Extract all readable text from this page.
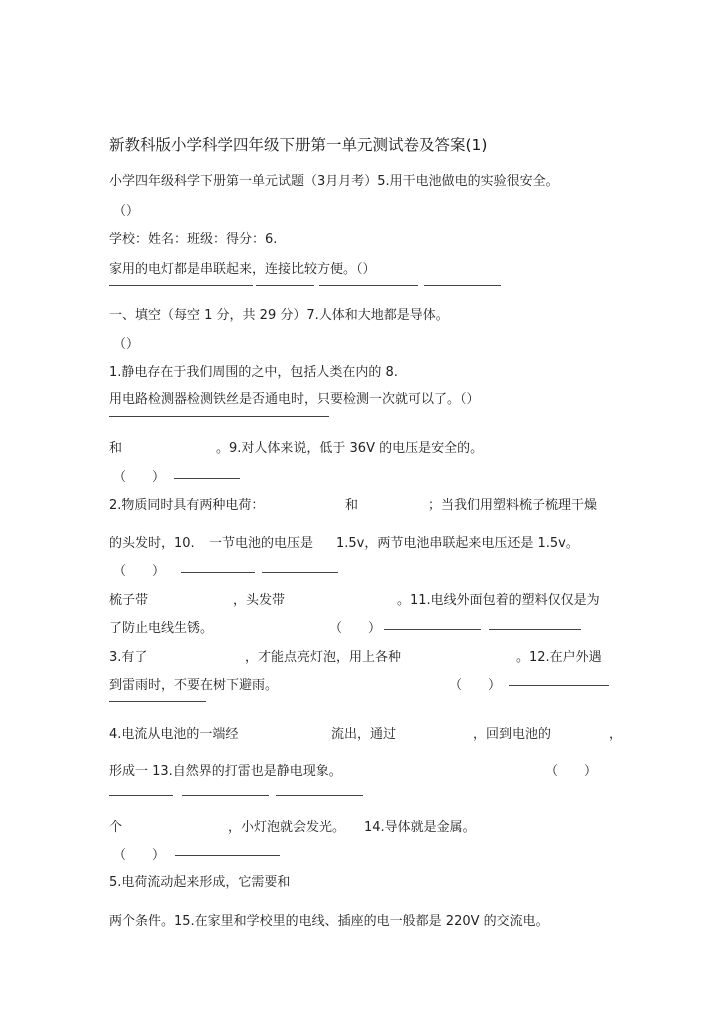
新教科版小学科学四年级下册第一单元测试卷及答案(1)
小学四年级科学下册第一单元试题（3月月考）5.用干电池做电的实验很安全。
（）
学校：姓名：班级：得分：6.
家用的电灯都是串联起来，连接比较方便。（）
一、填空（每空 1 分，共 29 分）7.人体和大地都是导体。
（）
1.静电存在于我们周围的之中，包括人类在内的 8.
用电路检测器检测铁丝是否通电时，只要检测一次就可以了。（）
和	。9.对人体来说，低于 36V 的电压是安全的。
（　　）
2.物质同时具有两种电荷：	和	；当我们用塑料梳子梳理干燥
的头发时，10. 一节电池的电压是 1.5v，两节电池串联起来电压还是 1.5v。
（　　）
梳子带	，头发带	。11.电线外面包着的塑料仅仅是为
了防止电线生锈。	（　　）
3.有了	，才能点亮灯泡，用上各种	。12.在户外遇
到雷雨时，不要在树下避雨。	（　　）
4.电流从电池的一端经	流出，通过	，回到电池的	，
形成一 13.自然界的打雷也是静电现象。	（　　）
个	，小灯泡就会发光。 14.导体就是金属。
（　　）
5.电荷流动起来形成，它需要和
两个条件。15.在家里和学校里的电线、插座的电一般都是 220V 的交流电。
